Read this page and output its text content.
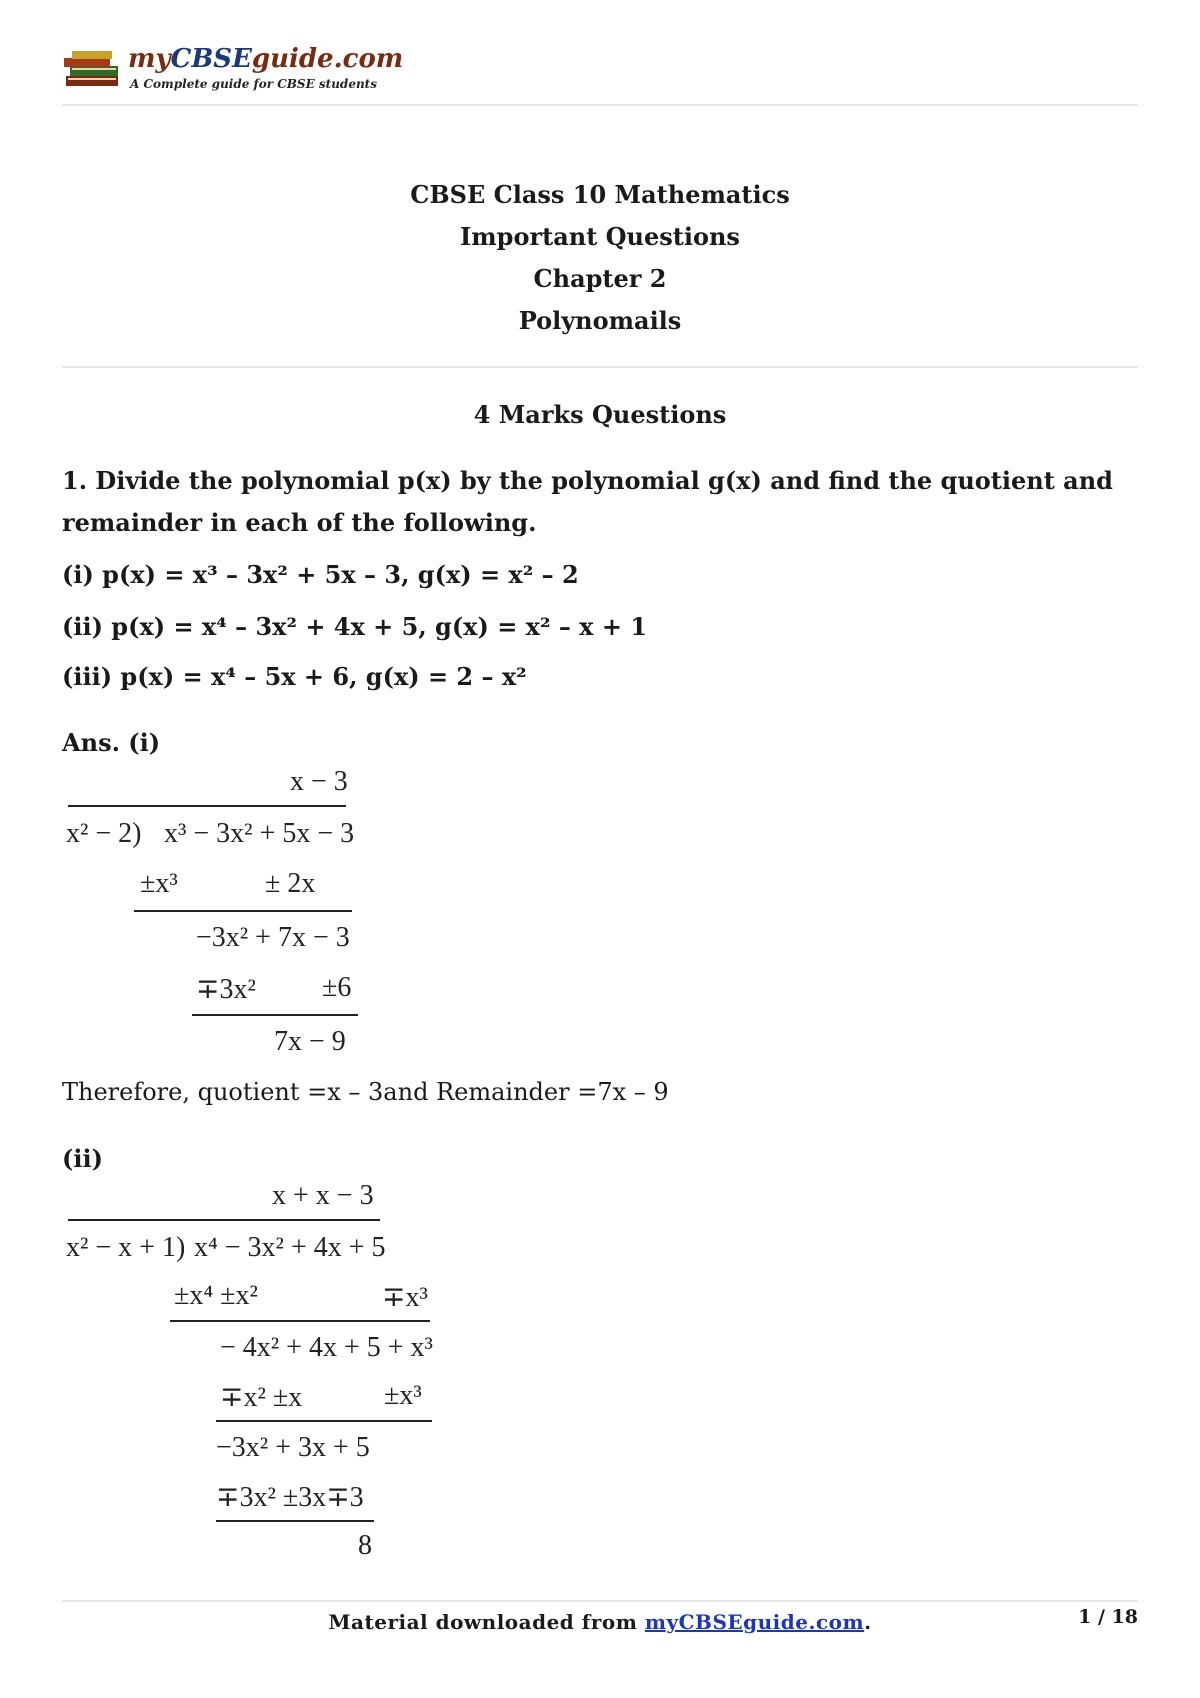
myCBSEguide.com
A Complete guide for CBSE students
CBSE Class 10 Mathematics
Important Questions
Chapter 2
Polynomails
4 Marks Questions
1. Divide the polynomial p(x) by the polynomial g(x) and find the quotient and
remainder in each of the following.
(i) p(x) = x³ – 3x² + 5x – 3, g(x) = x² – 2
(ii) p(x) = x⁴ – 3x² + 4x + 5, g(x) = x² – x + 1
(iii) p(x) = x⁴ – 5x + 6, g(x) = 2 – x²
Ans. (i)
x − 3
x² − 2) x³ − 3x² + 5x − 3
±x³	± 2x
−3x² + 7x − 3
∓3x² ±6
7x − 9
Therefore, quotient =x – 3and Remainder =7x – 9
(ii)
x + x − 3
x² − x + 1) x⁴ − 3x² + 4x + 5
±x⁴ ±x²	∓x³
− 4x² + 4x + 5 + x³
∓x² ±x	±x³
−3x² + 3x + 5
∓3x² ±3x∓3
8
Material downloaded from myCBSEguide.com.	1 / 18
